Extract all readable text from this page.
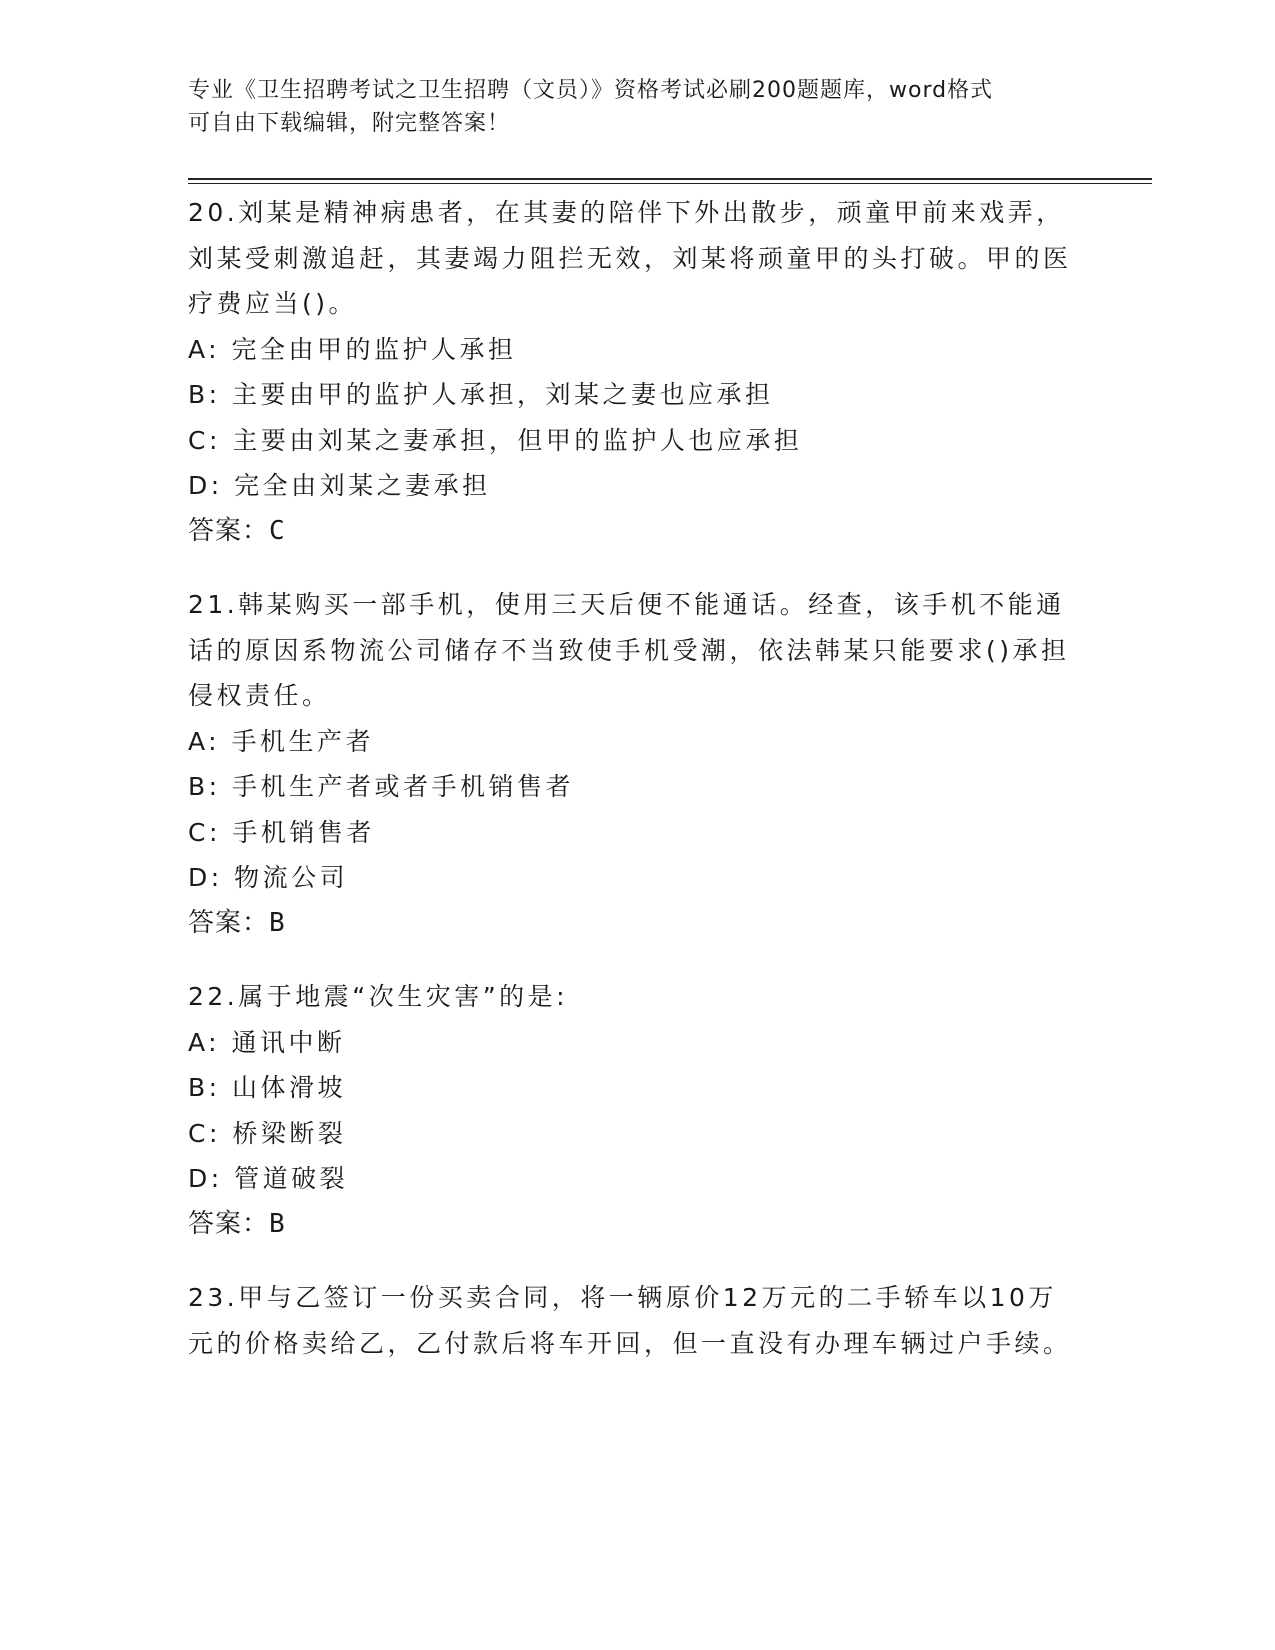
专业《卫生招聘考试之卫生招聘（文员）》资格考试必刷200题题库，word格式
可自由下载编辑，附完整答案！

20.刘某是精神病患者，在其妻的陪伴下外出散步，顽童甲前来戏弄，刘某受刺激追赶，其妻竭力阻拦无效，刘某将顽童甲的头打破。甲的医疗费应当()。

A: 完全由甲的监护人承担

B: 主要由甲的监护人承担，刘某之妻也应承担

C: 主要由刘某之妻承担，但甲的监护人也应承担

D: 完全由刘某之妻承担

答案：C

21.韩某购买一部手机，使用三天后便不能通话。经查，该手机不能通话的原因系物流公司储存不当致使手机受潮，依法韩某只能要求()承担侵权责任。

A: 手机生产者

B: 手机生产者或者手机销售者

C: 手机销售者

D: 物流公司

答案：B

22.属于地震“次生灾害”的是:

A: 通讯中断

B: 山体滑坡

C: 桥梁断裂

D: 管道破裂

答案：B

23.甲与乙签订一份买卖合同，将一辆原价12万元的二手轿车以10万元的价格卖给乙，乙付款后将车开回，但一直没有办理车辆过户手续。
